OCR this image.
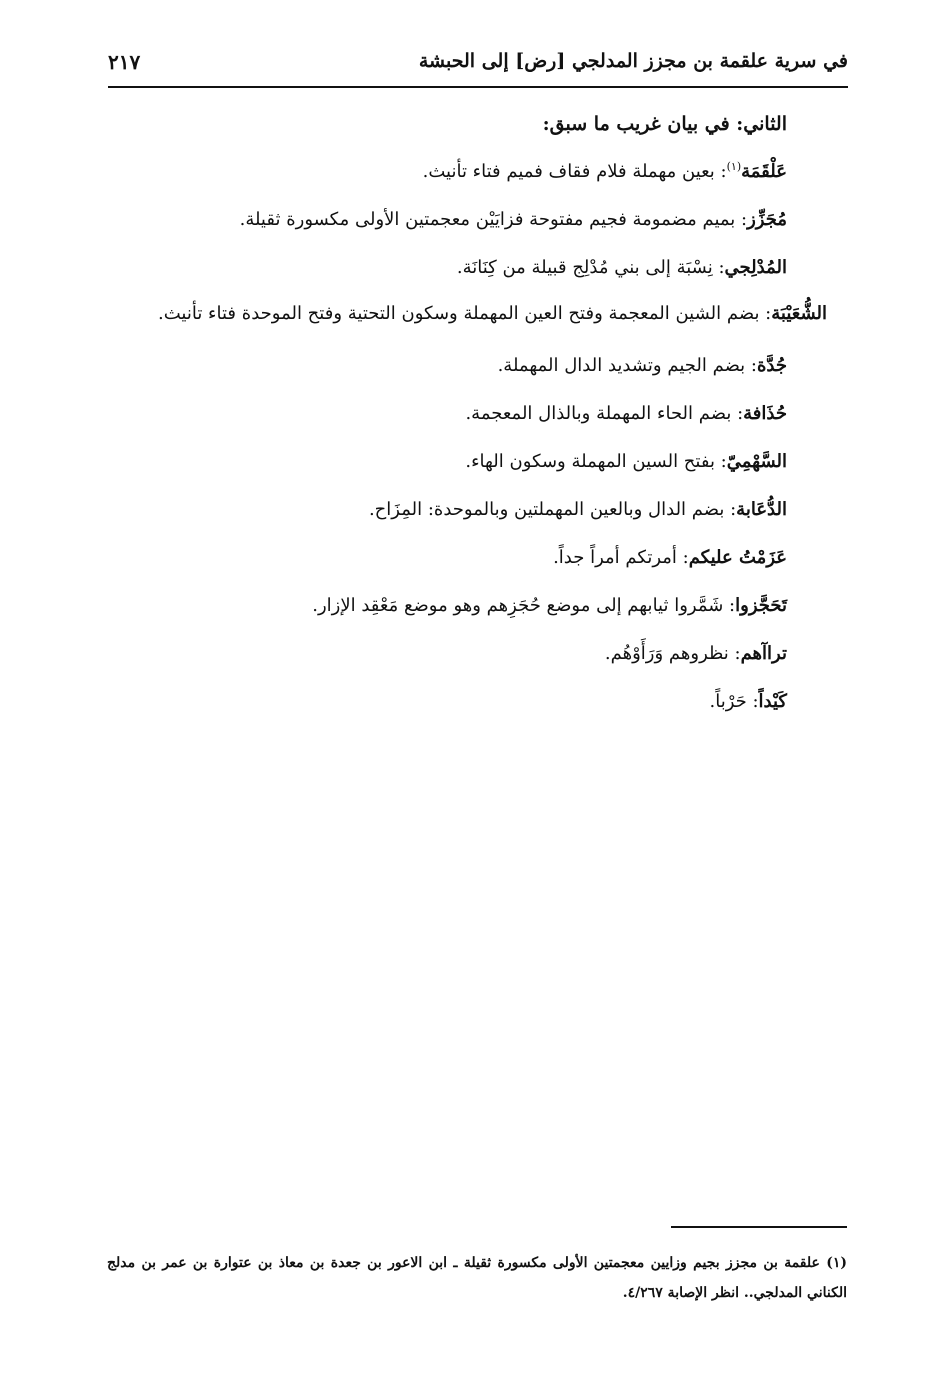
في سرية علقمة بن مجزز المدلجي [رض] إلى الحبشة
٢١٧
الثاني: في بيان غريب ما سبق:
عَلْقَمَة$^{(١)}$: بعين مهملة فلام فقاف فميم فتاء تأنيث.
مُجَزِّز: بميم مضمومة فجيم مفتوحة فزايَيْن معجمتين الأولى مكسورة ثقيلة.
المُدْلِجي: نِسْبَة إلى بني مُدْلِج قبيلة من كِنَانَة.
الشُّعَيْبَة: بضم الشين المعجمة وفتح العين المهملة وسكون التحتية وفتح الموحدة فتاء تأنيث.
جُدَّة: بضم الجيم وتشديد الدال المهملة.
حُذَافة: بضم الحاء المهملة وبالذال المعجمة.
السَّهْمِيّ: بفتح السين المهملة وسكون الهاء.
الدُّعَابة: بضم الدال وبالعين المهملتين وبالموحدة: المِزَاح.
عَزَمْتُ عليكم: أمرتكم أمراً جداً.
تَحَجَّزوا: شَمَّروا ثيابهم إلى موضع حُجَزِهم وهو موضع مَعْقِد الإزار.
تراآهم: نظروهم وَرَأَوْهُم.
كَيْداً: حَرْباً.
(١) علقمة بن مجزز بجيم وزايين معجمتين الأولى مكسورة ثقيلة ـ ابن الاعور بن جعدة بن معاذ بن عتوارة بن عمر بن مدلج الكناني المدلجي.. انظر الإصابة ٤/٢٦٧.
